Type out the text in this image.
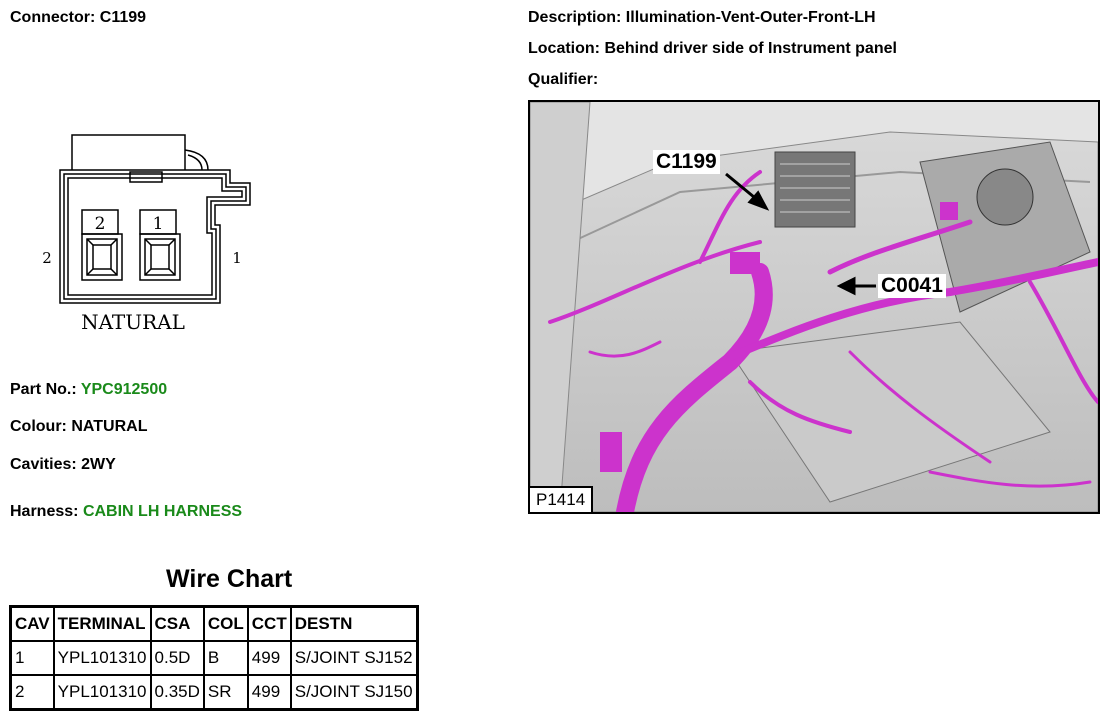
Connector: C1199	Description: Illumination-Vent-Outer-Front-LH
Location: Behind driver side of Instrument panel
Qualifier:
2	1
2	1
NATURAL
Part No.: YPC912500
Colour: NATURAL
Cavities: 2WY
Harness: CABIN LH HARNESS
Wire Chart
CAV	TERMINAL	CSA	COL	CCT	DESTN
1	YPL101310	0.5D	B	499	S/JOINT SJ152
2	YPL101310	0.35D	SR	499	S/JOINT SJ150
C1199
C0041
P1414
